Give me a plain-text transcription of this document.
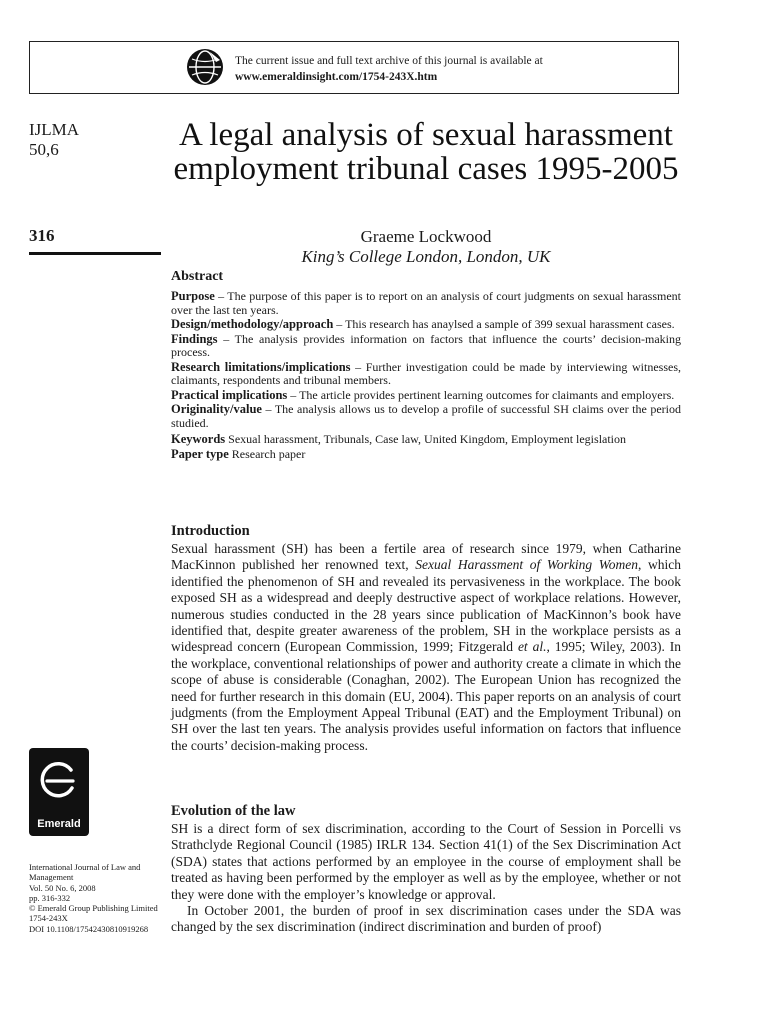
The current issue and full text archive of this journal is available at
www.emeraldinsight.com/1754-243X.htm
IJLMA
50,6
316
A legal analysis of sexual harassment employment tribunal cases 1995-2005
Graeme Lockwood
King’s College London, London, UK
Abstract

Purpose – The purpose of this paper is to report on an analysis of court judgments on sexual harassment over the last ten years.

Design/methodology/approach – This research has anaylsed a sample of 399 sexual harassment cases.

Findings – The analysis provides information on factors that influence the courts’ decision-making process.

Research limitations/implications – Further investigation could be made by interviewing witnesses, claimants, respondents and tribunal members.

Practical implications – The article provides pertinent learning outcomes for claimants and employers.

Originality/value – The analysis allows us to develop a profile of successful SH claims over the period studied.

Keywords Sexual harassment, Tribunals, Case law, United Kingdom, Employment legislation

Paper type Research paper

Introduction

Sexual harassment (SH) has been a fertile area of research since 1979, when Catharine MacKinnon published her renowned text, Sexual Harassment of Working Women, which identified the phenomenon of SH and revealed its pervasiveness in the workplace. The book exposed SH as a widespread and deeply destructive aspect of workplace relations. However, numerous studies conducted in the 28 years since publication of MacKinnon’s book have identified that, despite greater awareness of the problem, SH in the workplace persists as a widespread concern (European Commission, 1999; Fitzgerald et al., 1995; Wiley, 2003). In the workplace, conventional relationships of power and authority create a climate in which the scope of abuse is considerable (Conaghan, 2002). The European Union has recognized the need for further research in this domain (EU, 2004). This paper reports on an analysis of court judgments (from the Employment Appeal Tribunal (EAT) and the Employment Tribunal) on SH over the last ten years. The analysis provides useful information on factors that influence the courts’ decision-making process.

Evolution of the law

SH is a direct form of sex discrimination, according to the Court of Session in Porcelli vs Strathclyde Regional Council (1985) IRLR 134. Section 41(1) of the Sex Discrimination Act (SDA) states that actions performed by an employee in the course of employment shall be treated as having been performed by the employer as well as by the employee, whether or not they were done with the employer’s knowledge or approval.

In October 2001, the burden of proof in sex discrimination cases under the SDA was changed by the sex discrimination (indirect discrimination and burden of proof)

Emerald
International Journal of Law and
Management
Vol. 50 No. 6, 2008
pp. 316-332
© Emerald Group Publishing Limited
1754-243X
DOI 10.1108/17542430810919268
